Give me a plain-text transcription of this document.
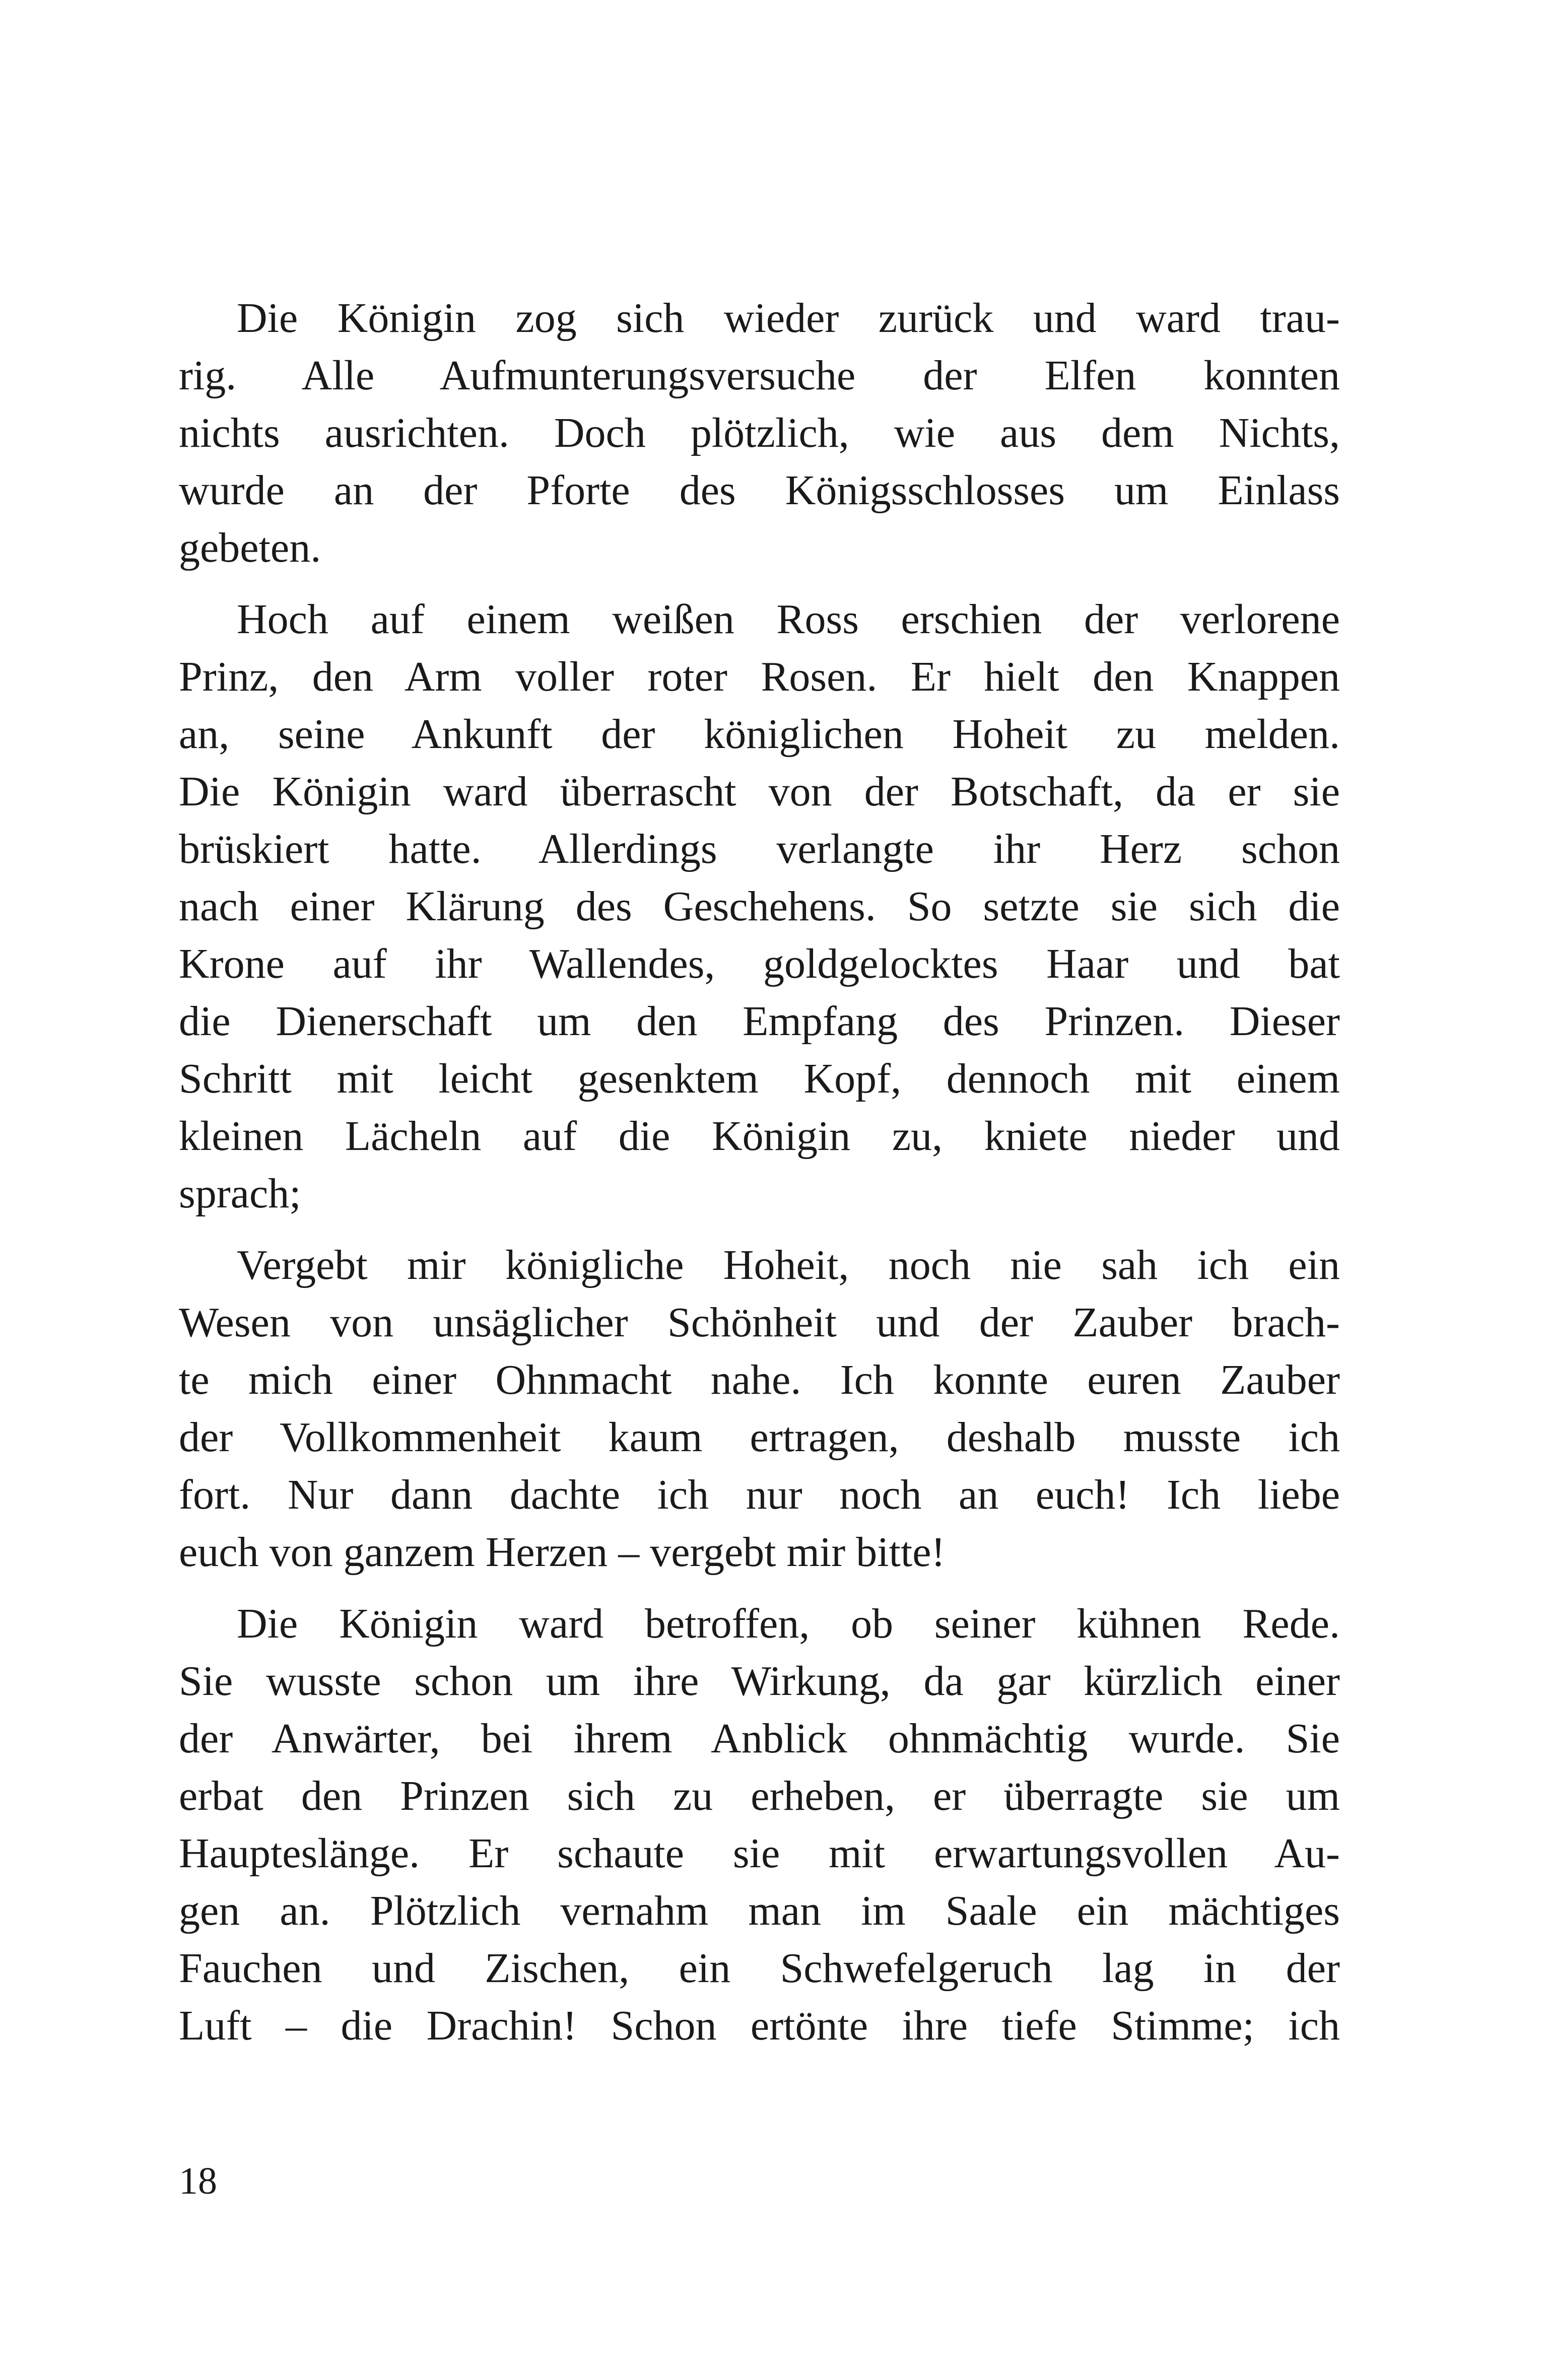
Die Königin zog sich wieder zurück und ward trau-
rig. Alle Aufmunterungsversuche der Elfen konnten
nichts ausrichten. Doch plötzlich, wie aus dem Nichts,
wurde an der Pforte des Königsschlosses um Einlass
gebeten.
Hoch auf einem weißen Ross erschien der verlorene
Prinz, den Arm voller roter Rosen. Er hielt den Knappen
an, seine Ankunft der königlichen Hoheit zu melden.
Die Königin ward überrascht von der Botschaft, da er sie
brüskiert hatte. Allerdings verlangte ihr Herz schon
nach einer Klärung des Geschehens. So setzte sie sich die
Krone auf ihr Wallendes, goldgelocktes Haar und bat
die Dienerschaft um den Empfang des Prinzen. Dieser
Schritt mit leicht gesenktem Kopf, dennoch mit einem
kleinen Lächeln auf die Königin zu, kniete nieder und
sprach;
Vergebt mir königliche Hoheit, noch nie sah ich ein
Wesen von unsäglicher Schönheit und der Zauber brach-
te mich einer Ohnmacht nahe. Ich konnte euren Zauber
der Vollkommenheit kaum ertragen, deshalb musste ich
fort. Nur dann dachte ich nur noch an euch! Ich liebe
euch von ganzem Herzen – vergebt mir bitte!
Die Königin ward betroffen, ob seiner kühnen Rede.
Sie wusste schon um ihre Wirkung, da gar kürzlich einer
der Anwärter, bei ihrem Anblick ohnmächtig wurde. Sie
erbat den Prinzen sich zu erheben, er überragte sie um
Haupteslänge. Er schaute sie mit erwartungsvollen Au-
gen an. Plötzlich vernahm man im Saale ein mächtiges
Fauchen und Zischen, ein Schwefelgeruch lag in der
Luft – die Drachin! Schon ertönte ihre tiefe Stimme; ich
18
